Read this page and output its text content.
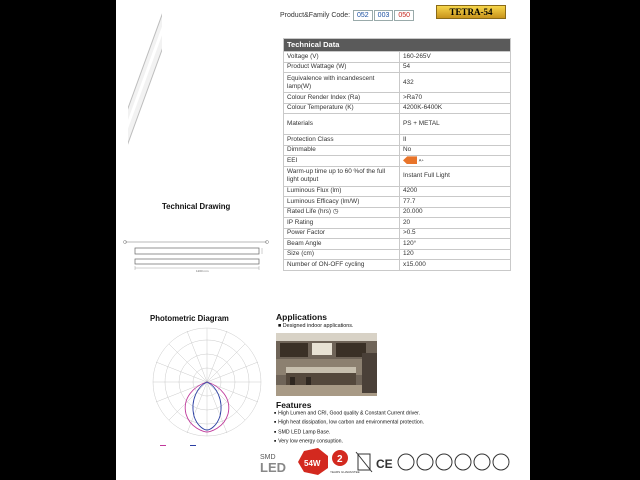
Product&Family Code: 052 003 050	TETRA-54
Technical Data	
Voltage (V)	160-265V
Product Wattage (W)	54
Equivalence with incandescent lamp(W)	432
Colour Render Index (Ra)	>Ra70
Colour Temperature (K)	4200K-6400K
Materials	PS + METAL
Protection Class	II
Dimmable	No
EEI	A+
Warm-up time up to 60 %of the full light output	Instant Full Light
Luminous Flux (lm)	4200
Luminous Efficacy (lm/W)	77.7
Rated Life (hrs) ◷	20.000
IP Rating	20
Power Factor	>0.5
Beam Angle	120°
Size (cm)	120
Number of ON-OFF cycling	x15.000
Technical Drawing
1200 mm
Photometric Diagram	Applications
■ Designed indoor applications.
Features
■ High Lumen and CRI, Good quality & Constant Current driver.
■ High heat dissipation, low carbon and environmental protection.
■ SMD LED Lamp Base.
■ Very low energy consuption.
SMD
LED 54W 2
YEARS GUARANTEE
CE
